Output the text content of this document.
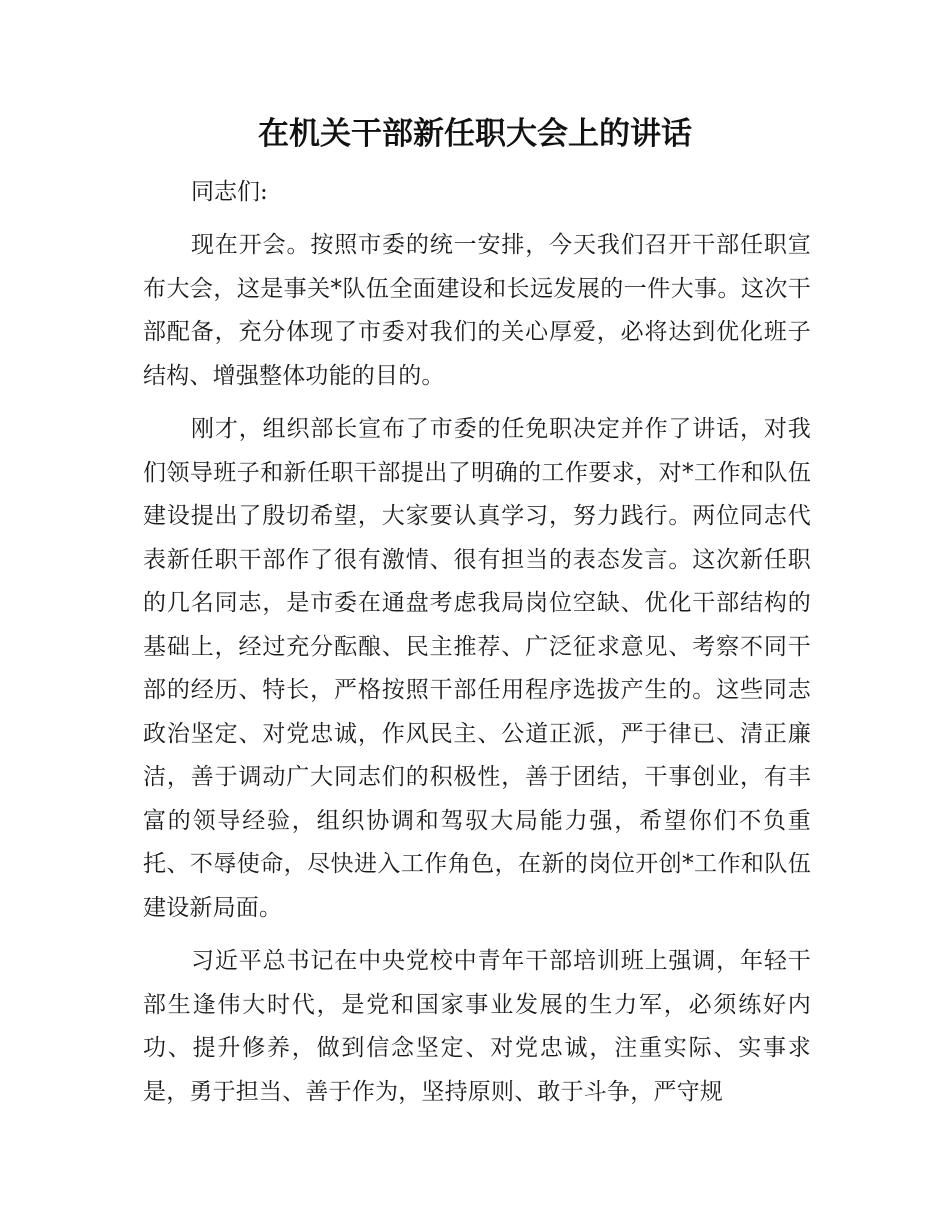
在机关干部新任职大会上的讲话

同志们:

现在开会。按照市委的统一安排，今天我们召开干部任职宣布大会，这是事关*队伍全面建设和长远发展的一件大事。这次干部配备，充分体现了市委对我们的关心厚爱，必将达到优化班子结构、增强整体功能的目的。

刚才，组织部长宣布了市委的任免职决定并作了讲话，对我们领导班子和新任职干部提出了明确的工作要求，对*工作和队伍建设提出了殷切希望，大家要认真学习，努力践行。两位同志代表新任职干部作了很有激情、很有担当的表态发言。这次新任职的几名同志，是市委在通盘考虑我局岗位空缺、优化干部结构的基础上，经过充分酝酿、民主推荐、广泛征求意见、考察不同干部的经历、特长，严格按照干部任用程序选拔产生的。这些同志政治坚定、对党忠诚，作风民主、公道正派，严于律已、清正廉洁，善于调动广大同志们的积极性，善于团结，干事创业，有丰富的领导经验，组织协调和驾驭大局能力强，希望你们不负重托、不辱使命，尽快进入工作角色，在新的岗位开创*工作和队伍建设新局面。

习近平总书记在中央党校中青年干部培训班上强调，年轻干部生逢伟大时代，是党和国家事业发展的生力军，必须练好内功、提升修养，做到信念坚定、对党忠诚，注重实际、实事求是，勇于担当、善于作为，坚持原则、敢于斗争，严守规
